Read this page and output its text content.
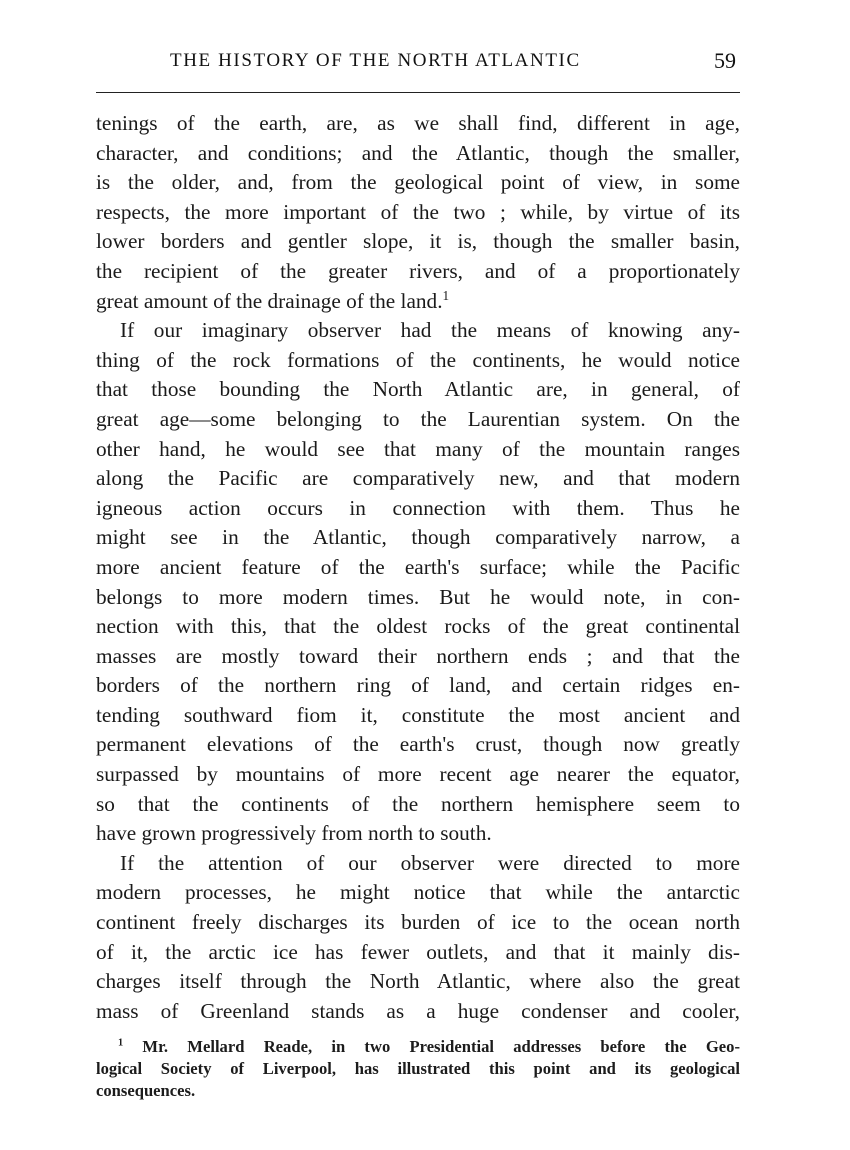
THE HISTORY OF THE NORTH ATLANTIC	59
tenings of the earth, are, as we shall find, different in age,
character, and conditions; and the Atlantic, though the smaller,
is the older, and, from the geological point of view, in some
respects, the more important of the two ; while, by virtue of its
lower borders and gentler slope, it is, though the smaller basin,
the recipient of the greater rivers, and of a proportionately
great amount of the drainage of the land.$^1$
If our imaginary observer had the means of knowing any-
thing of the rock formations of the continents, he would notice
that those bounding the North Atlantic are, in general, of
great age—some belonging to the Laurentian system. On the
other hand, he would see that many of the mountain ranges
along the Pacific are comparatively new, and that modern
igneous action occurs in connection with them. Thus he
might see in the Atlantic, though comparatively narrow, a
more ancient feature of the earth's surface; while the Pacific
belongs to more modern times. But he would note, in con-
nection with this, that the oldest rocks of the great continental
masses are mostly toward their northern ends ; and that the
borders of the northern ring of land, and certain ridges en-
tending southward fiom it, constitute the most ancient and
permanent elevations of the earth's crust, though now greatly
surpassed by mountains of more recent age nearer the equator,
so that the continents of the northern hemisphere seem to
have grown progressively from north to south.
If the attention of our observer were directed to more
modern processes, he might notice that while the antarctic
continent freely discharges its burden of ice to the ocean north
of it, the arctic ice has fewer outlets, and that it mainly dis-
charges itself through the North Atlantic, where also the great
mass of Greenland stands as a huge condenser and cooler,
$^1$ Mr. Mellard Reade, in two Presidential addresses before the Geo-
logical Society of Liverpool, has illustrated this point and its geological
consequences.
